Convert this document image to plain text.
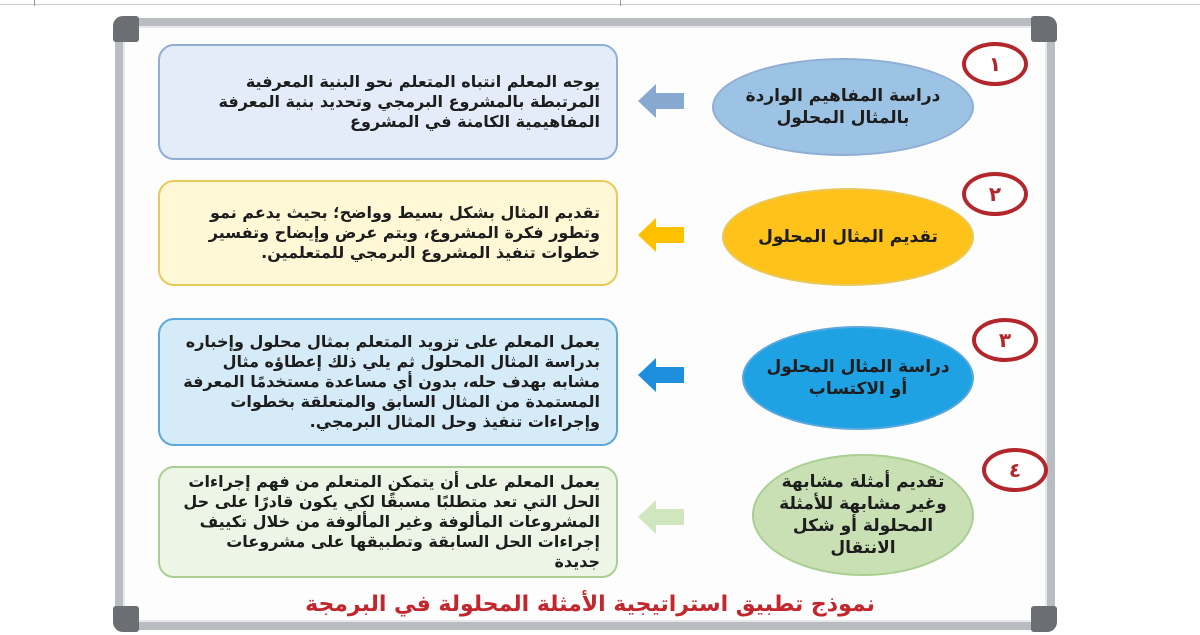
يوجه المعلم انتباه المتعلم نحو البنية المعرفية المرتبطة بالمشروع البرمجي وتحديد بنية المعرفة المفاهيمية الكامنة في المشروع
دراسة المفاهيم الواردة بالمثال المحلول
١
تقديم المثال بشكل بسيط وواضح؛ بحيث يدعم نمو وتطور فكرة المشروع، ويتم عرض وإيضاح وتفسير خطوات تنفيذ المشروع البرمجي للمتعلمين.
تقديم المثال المحلول
٢
يعمل المعلم على تزويد المتعلم بمثال محلول وإخباره بدراسة المثال المحلول ثم يلي ذلك إعطاؤه مثال مشابه بهدف حله، بدون أي مساعدة مستخدمًا المعرفة المستمدة من المثال السابق والمتعلقة بخطوات وإجراءات تنفيذ وحل المثال البرمجي.
دراسة المثال المحلول أو الاكتساب
٣
يعمل المعلم على أن يتمكن المتعلم من فهم إجراءات الحل التي تعد متطلبًا مسبقًا لكي يكون قادرًا على حل المشروعات المألوفة وغير المألوفة من خلال تكييف إجراءات الحل السابقة وتطبيقها على مشروعات جديدة
تقديم أمثلة مشابهة وغير مشابهة للأمثلة المحلولة أو شكل الانتقال
٤
نموذج تطبيق استراتيجية الأمثلة المحلولة في البرمجة
